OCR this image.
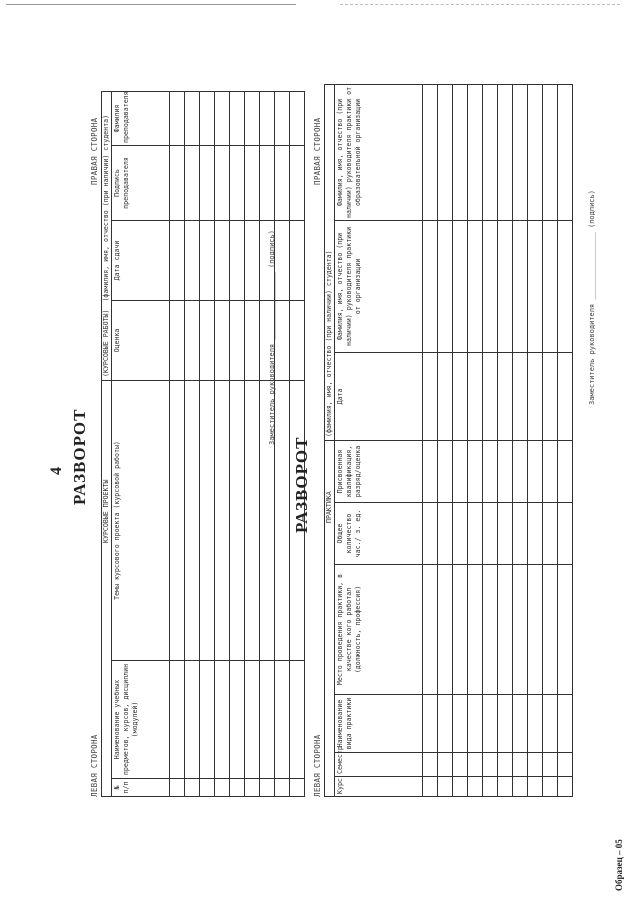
4 РАЗВОРОТ
ЛЕВАЯ СТОРОНА
ПРАВАЯ СТОРОНА
КУРСОВЫЕ ПРОЕКТЫ			(КУРСОВЫЕ РАБОТЫ)  (фамилия, имя, отчество (при наличии) студента)			
№ п/п	Наименование учебных предметов, курсов, дисциплин (модулей)	Темы курсового проекта (курсовой работы)	Оценка	Дата сдачи	Подпись преподавателя	Фамилия преподавателя

Заместитель руководителя ________________ (подпись)
РАЗВОРОТ
ЛЕВАЯ СТОРОНА
ПРАВАЯ СТОРОНА
ПРАКТИКА						(фамилия, имя, отчество (при наличии) студента)		
Курс	Семестр	Наименование вида практики	Место проведения практики, в качестве кого работал (должность, профессия)	Общее количество час./ з. ед.	Присвоенная квалификация, разряд/оценка	Дата	Фамилия, имя, отчество (при наличии) руководителя практики от организации	Фамилия, имя, отчество (при наличии) руководителя практики от образовательной организации

Заместитель руководителя ________________ (подпись)
Образец – 05
